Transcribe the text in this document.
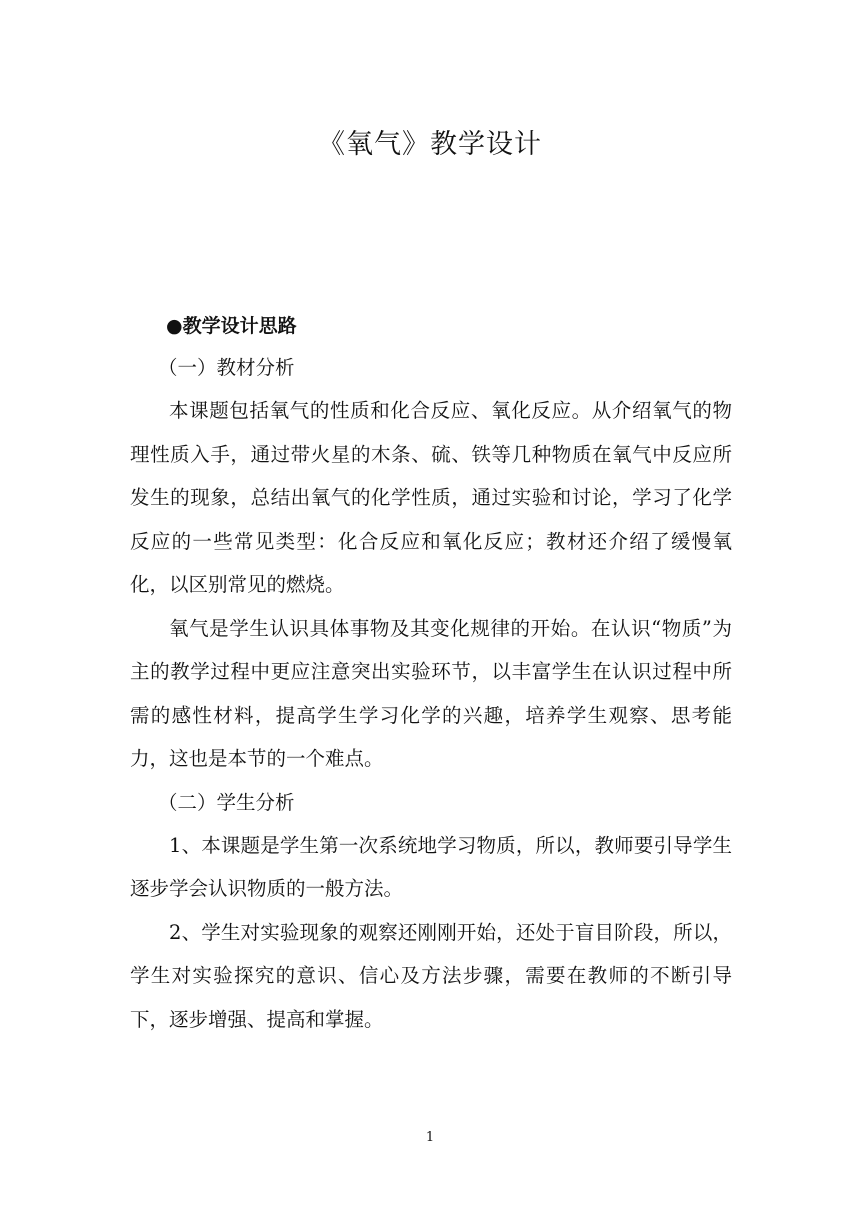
《氧气》教学设计
●教学设计思路
（一）教材分析

本课题包括氧气的性质和化合反应、氧化反应。从介绍氧气的物理性质入手，通过带火星的木条、硫、铁等几种物质在氧气中反应所发生的现象，总结出氧气的化学性质，通过实验和讨论，学习了化学反应的一些常见类型：化合反应和氧化反应；教材还介绍了缓慢氧化，以区别常见的燃烧。

氧气是学生认识具体事物及其变化规律的开始。在认识“物质”为主的教学过程中更应注意突出实验环节，以丰富学生在认识过程中所需的感性材料，提高学生学习化学的兴趣，培养学生观察、思考能力，这也是本节的一个难点。

（二）学生分析

1、本课题是学生第一次系统地学习物质，所以，教师要引导学生逐步学会认识物质的一般方法。

2、学生对实验现象的观察还刚刚开始，还处于盲目阶段，所以，学生对实验探究的意识、信心及方法步骤，需要在教师的不断引导下，逐步增强、提高和掌握。

1
